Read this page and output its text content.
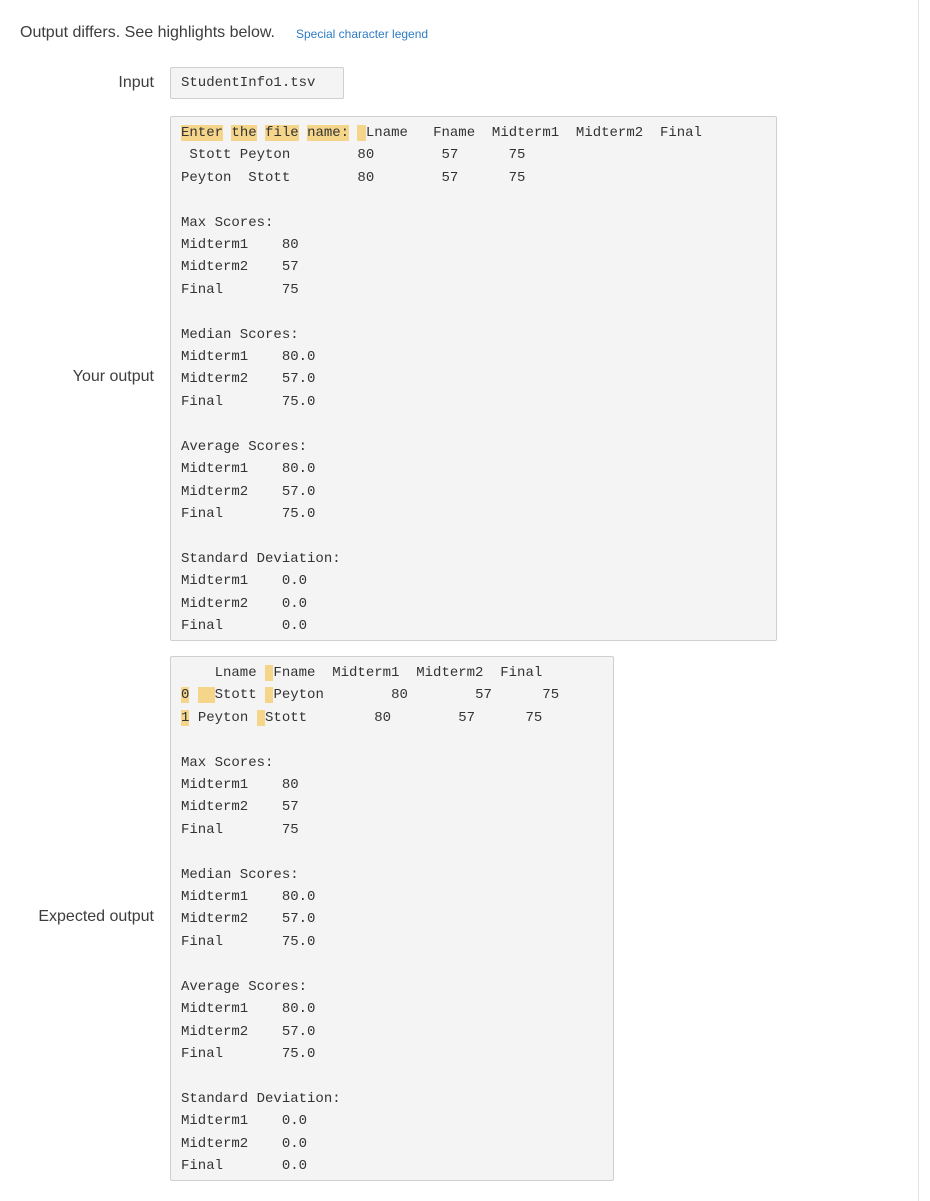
Output differs. See highlights below. Special character legend
Input	StudentInfo1.tsv
Your output
Enter the file name: Lname   Fname  Midterm1  Midterm2  Final
Stott Peyton        80        57      75
Peyton  Stott        80        57      75

Max Scores:
Midterm1    80
Midterm2    57
Final       75

Median Scores:
Midterm1    80.0
Midterm2    57.0
Final       75.0

Average Scores:
Midterm1    80.0
Midterm2    57.0
Final       75.0

Standard Deviation:
Midterm1    0.0
Midterm2    0.0
Final       0.0
Expected output
Lname  Fname  Midterm1  Midterm2  Final
0 Stott  Peyton        80        57      75
1 Peyton  Stott        80        57      75

Max Scores:
Midterm1    80
Midterm2    57
Final       75

Median Scores:
Midterm1    80.0
Midterm2    57.0
Final       75.0

Average Scores:
Midterm1    80.0
Midterm2    57.0
Final       75.0

Standard Deviation:
Midterm1    0.0
Midterm2    0.0
Final       0.0
